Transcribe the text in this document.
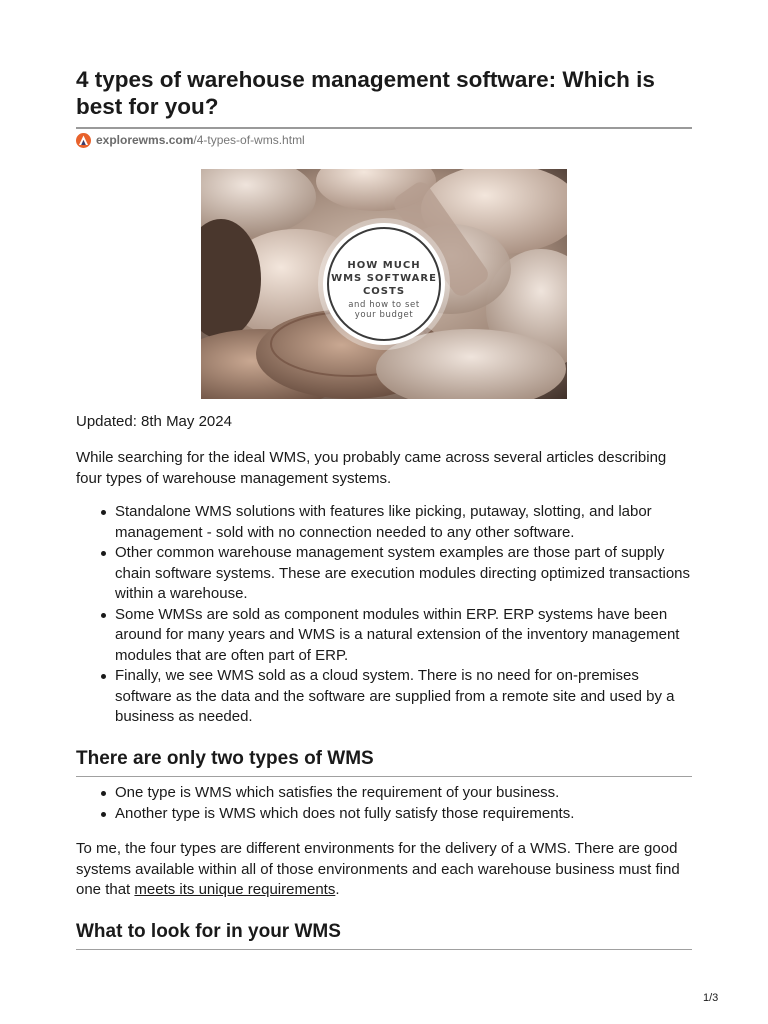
4 types of warehouse management software: Which is best for you?
explorewms.com /4-types-of-wms.html
HOW MUCH
WMS SOFTWARE
COSTS
and how to set
your budget

Updated: 8th May 2024

While searching for the ideal WMS, you probably came across several articles describing four types of warehouse management systems.

Standalone WMS solutions with features like picking, putaway, slotting, and labor management - sold with no connection needed to any other software.
Other common warehouse management system examples are those part of supply chain software systems. These are execution modules directing optimized transactions within a warehouse.
Some WMSs are sold as component modules within ERP. ERP systems have been around for many years and WMS is a natural extension of the inventory management modules that are often part of ERP.
Finally, we see WMS sold as a cloud system. There is no need for on-premises software as the data and the software are supplied from a remote site and used by a business as needed.
There are only two types of WMS
One type is WMS which satisfies the requirement of your business.
Another type is WMS which does not fully satisfy those requirements.

To me, the four types are different environments for the delivery of a WMS. There are good systems available within all of those environments and each warehouse business must find one that meets its unique requirements.

What to look for in your WMS
1/3
